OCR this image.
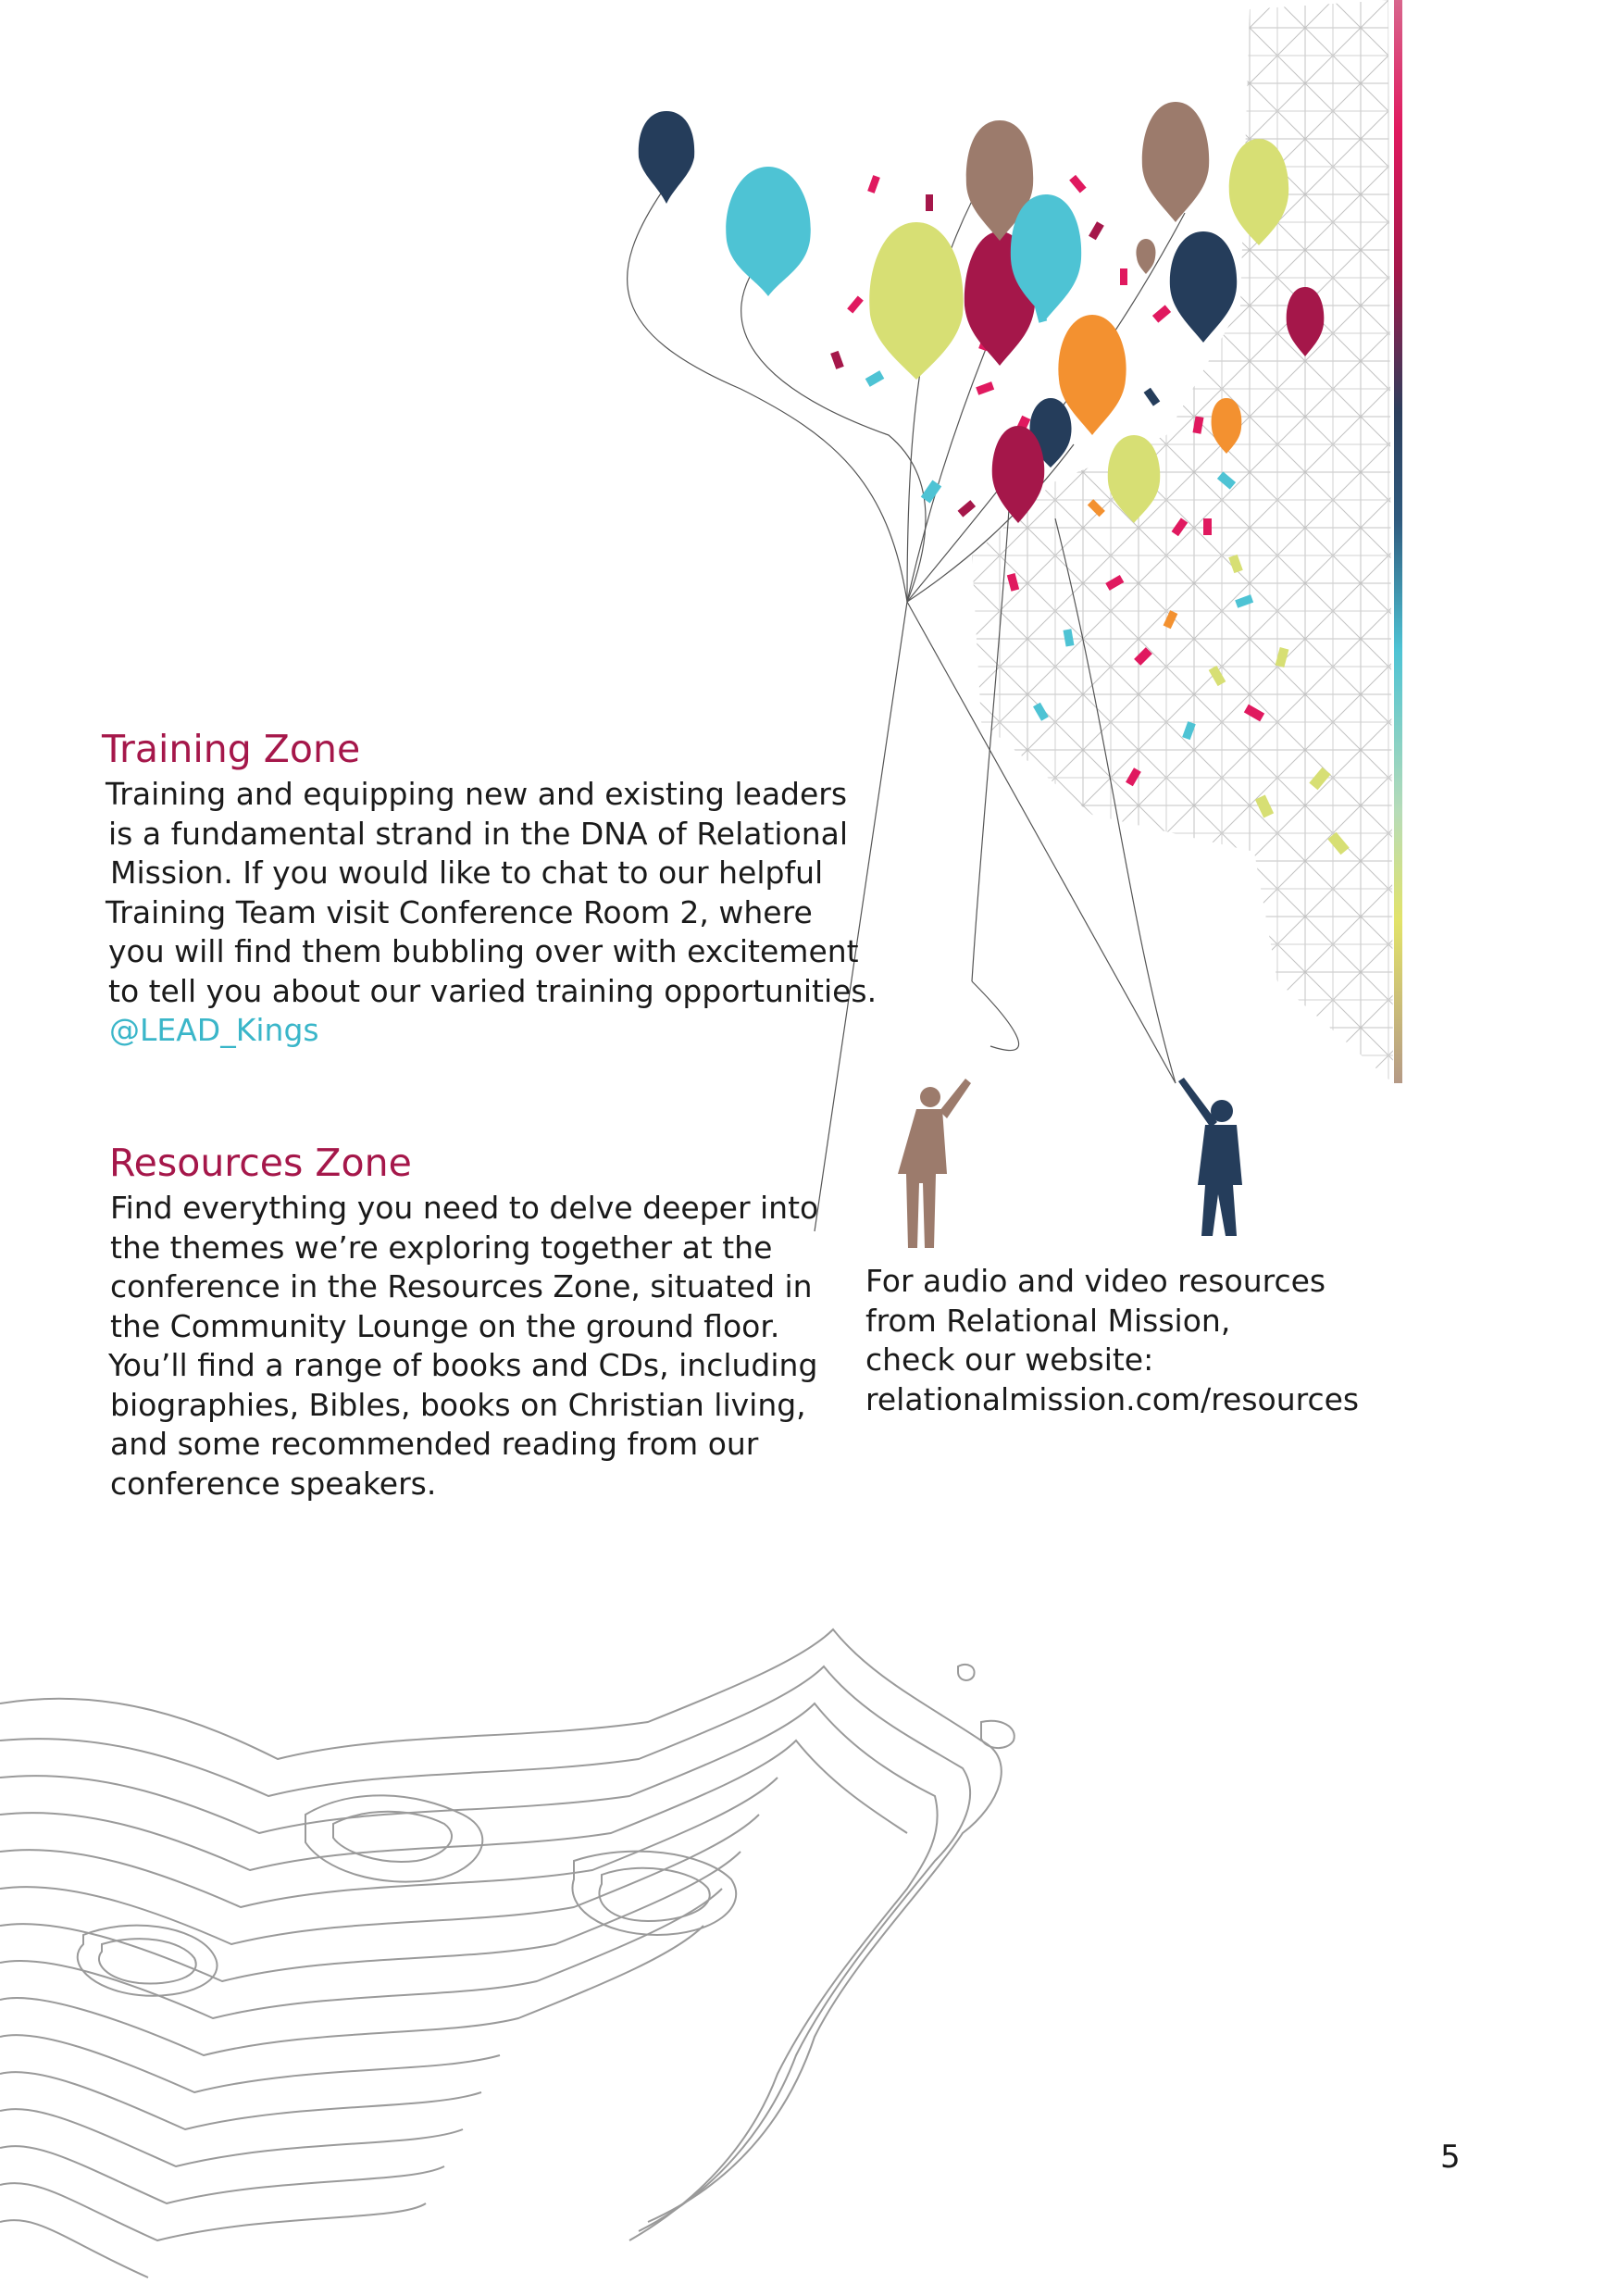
Training Zone
Training and equipping new and existing leaders
is a fundamental strand in the DNA of Relational
Mission. If you would like to chat to our helpful
Training Team visit Conference Room 2, where
you will find them bubbling over with excitement
to tell you about our varied training opportunities.
@LEAD_Kings
Resources Zone
Find everything you need to delve deeper into
the themes we’re exploring together at the
conference in the Resources Zone, situated in
the Community Lounge on the ground floor.
You’ll find a range of books and CDs, including
biographies, Bibles, books on Christian living,
and some recommended reading from our
conference speakers.
For audio and video resources
from Relational Mission,
check our website:
relationalmission.com/resources
5
